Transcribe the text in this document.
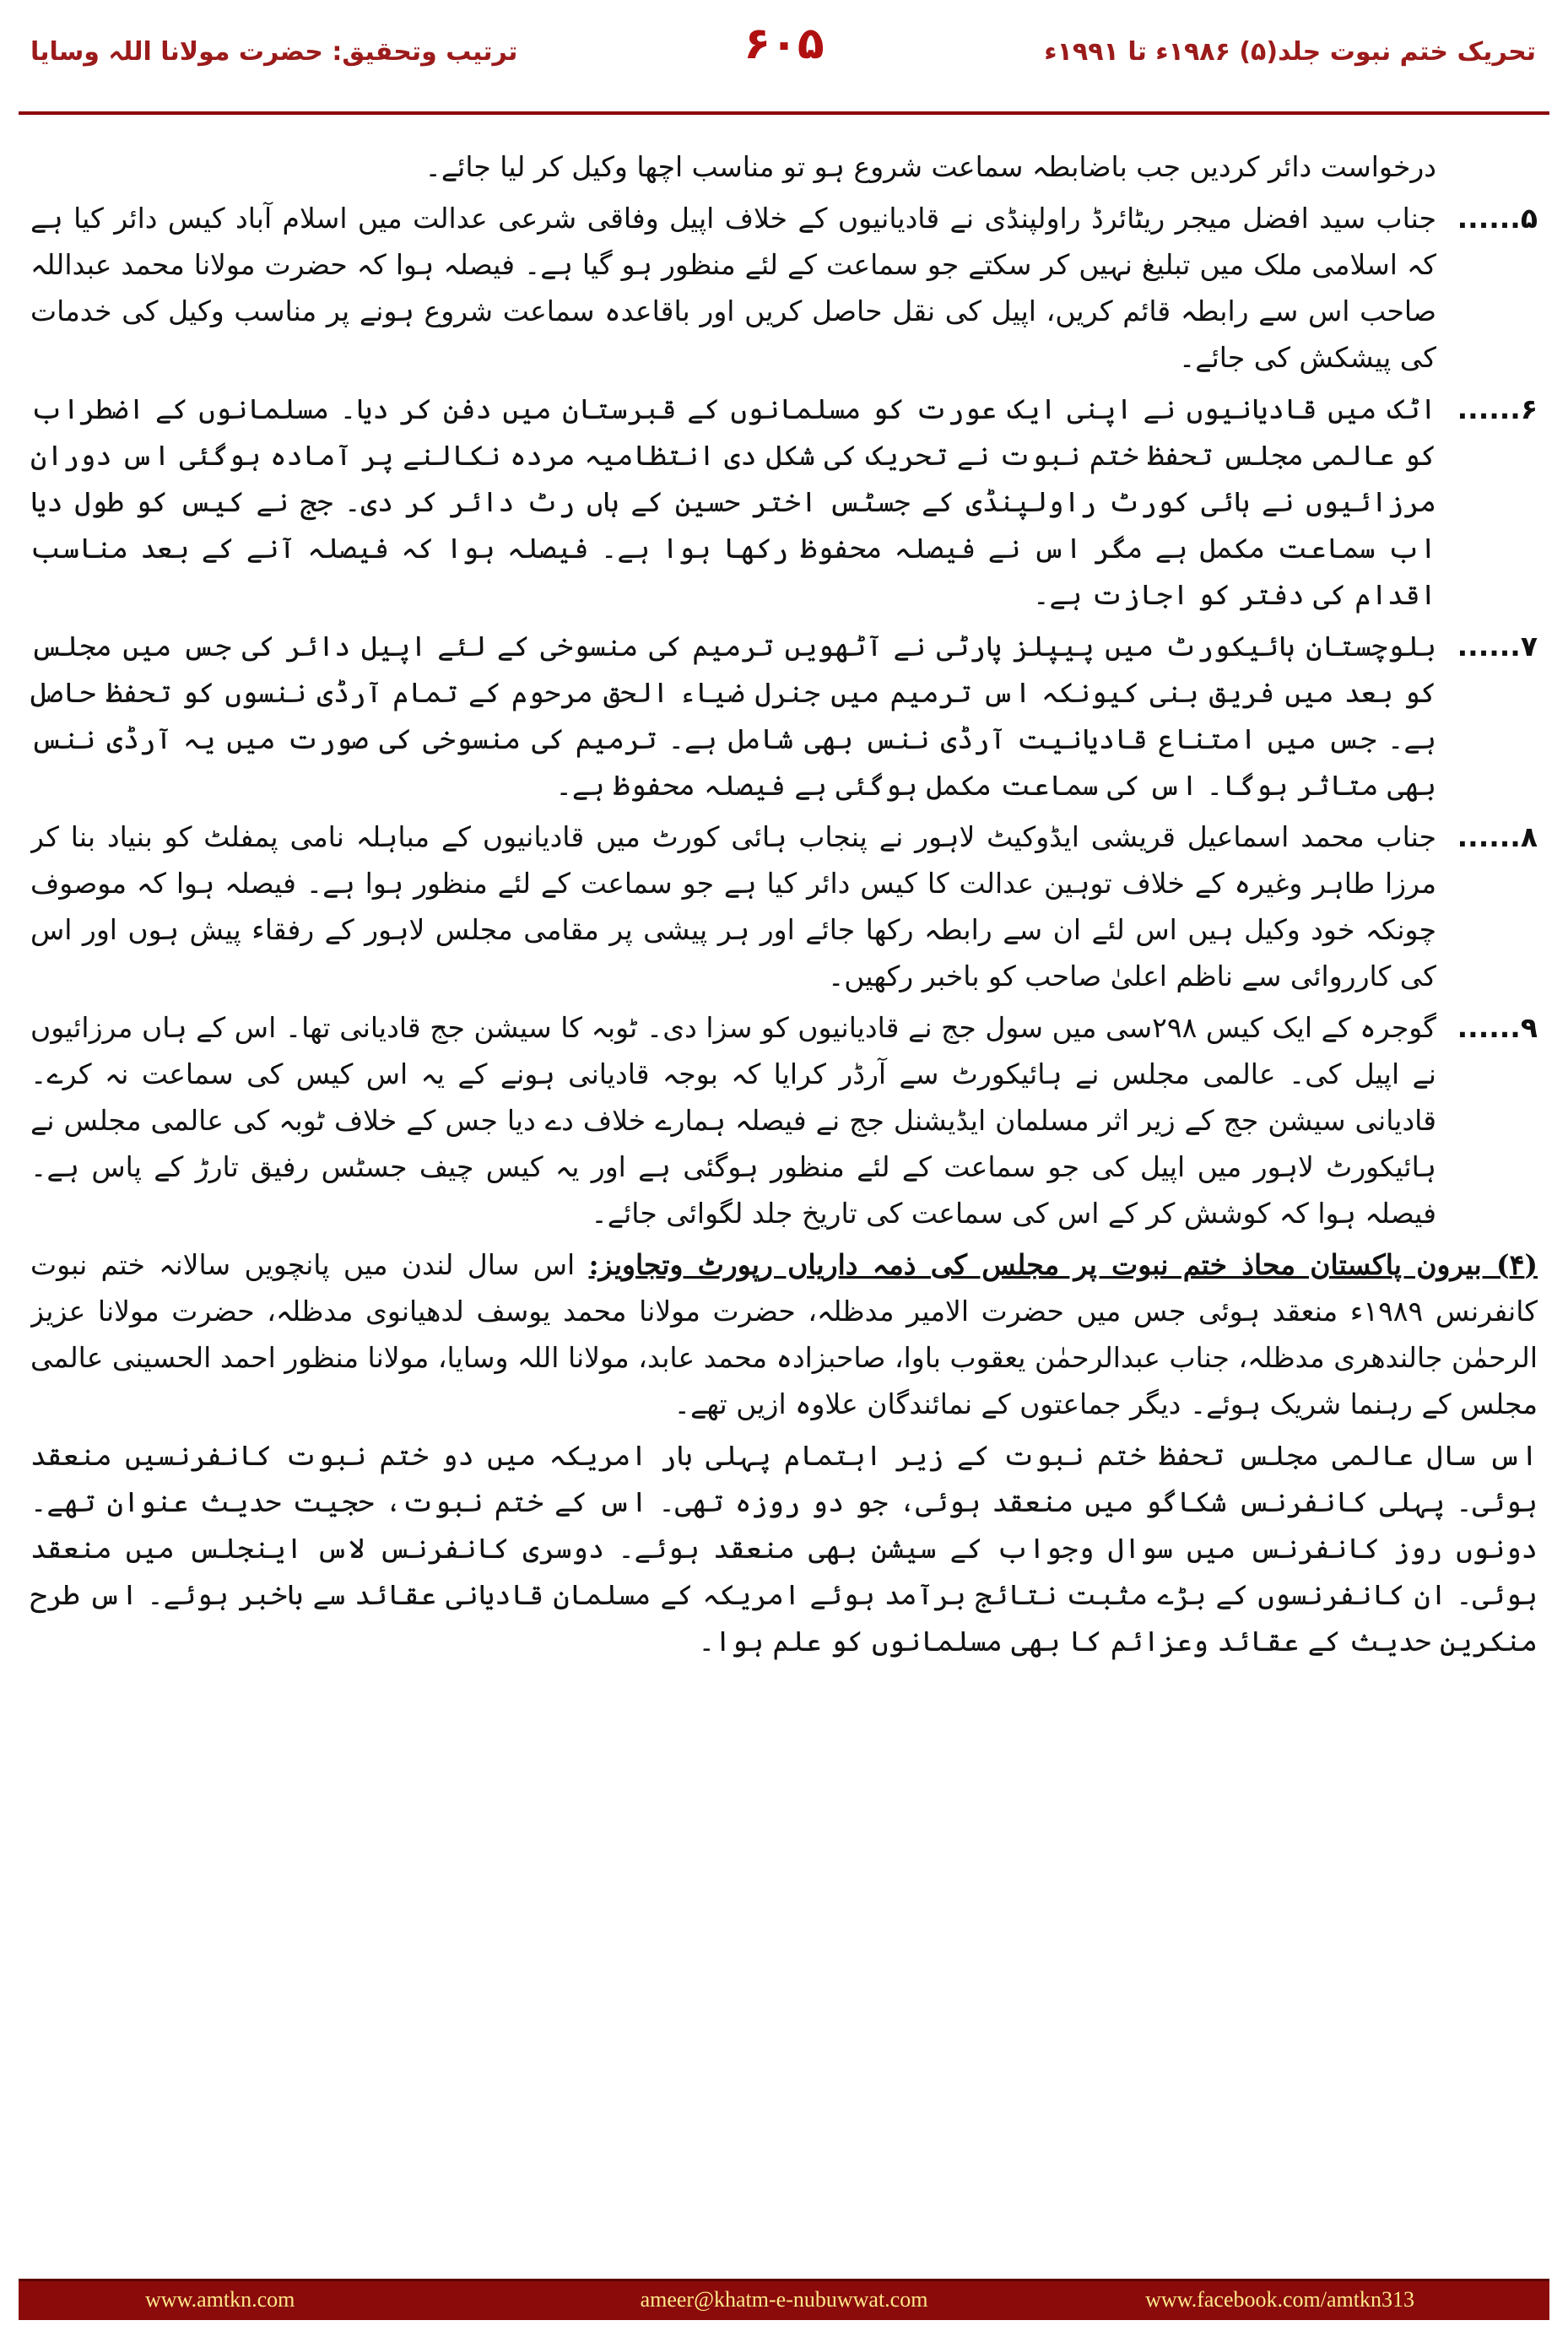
تحریک ختم نبوت جلد(۵) ۱۹۸۶ء تا ۱۹۹۱ء
۶۰۵
ترتیب وتحقیق: حضرت مولانا اللہ وسایا
درخواست دائر کردیں جب باضابطہ سماعت شروع ہو تو مناسب اچھا وکیل کر لیا جائے۔
۵......
جناب سید افضل میجر ریٹائرڈ راولپنڈی نے قادیانیوں کے خلاف اپیل وفاقی شرعی عدالت میں اسلام آباد کیس دائر کیا ہے کہ اسلامی ملک میں تبلیغ نہیں کر سکتے جو سماعت کے لئے منظور ہو گیا ہے۔ فیصلہ ہوا کہ حضرت مولانا محمد عبداللہ صاحب اس سے رابطہ قائم کریں، اپیل کی نقل حاصل کریں اور باقاعدہ سماعت شروع ہونے پر مناسب وکیل کی خدمات کی پیشکش کی جائے۔
۶......
اٹک میں قادیانیوں نے اپنی ایک عورت کو مسلمانوں کے قبرستان میں دفن کر دیا۔ مسلمانوں کے اضطراب کو عالمی مجلس تحفظ ختم نبوت نے تحریک کی شکل دی انتظامیہ مردہ نکالنے پر آمادہ ہوگئی اس دوران مرزائیوں نے ہائی کورٹ راولپنڈی کے جسٹس اختر حسین کے ہاں رٹ دائر کر دی۔ جج نے کیس کو طول دیا اب سماعت مکمل ہے مگر اس نے فیصلہ محفوظ رکھا ہوا ہے۔ فیصلہ ہوا کہ فیصلہ آنے کے بعد مناسب اقدام کی دفتر کو اجازت ہے۔
۷......
بلوچستان ہائیکورٹ میں پیپلز پارٹی نے آٹھویں ترمیم کی منسوخی کے لئے اپیل دائر کی جس میں مجلس کو بعد میں فریق بنی کیونکہ اس ترمیم میں جنرل ضیاء الحق مرحوم کے تمام آرڈی ننسوں کو تحفظ حاصل ہے۔ جس میں امتناع قادیانیت آرڈی ننس بھی شامل ہے۔ ترمیم کی منسوخی کی صورت میں یہ آرڈی ننس بھی متاثر ہوگا۔ اس کی سماعت مکمل ہوگئی ہے فیصلہ محفوظ ہے۔
۸......
جناب محمد اسماعیل قریشی ایڈوکیٹ لاہور نے پنجاب ہائی کورٹ میں قادیانیوں کے مباہلہ نامی پمفلٹ کو بنیاد بنا کر مرزا طاہر وغیرہ کے خلاف توہین عدالت کا کیس دائر کیا ہے جو سماعت کے لئے منظور ہوا ہے۔ فیصلہ ہوا کہ موصوف چونکہ خود وکیل ہیں اس لئے ان سے رابطہ رکھا جائے اور ہر پیشی پر مقامی مجلس لاہور کے رفقاء پیش ہوں اور اس کی کارروائی سے ناظم اعلیٰ صاحب کو باخبر رکھیں۔
۹......
گوجرہ کے ایک کیس ۲۹۸سی میں سول جج نے قادیانیوں کو سزا دی۔ ٹوبہ کا سیشن جج قادیانی تھا۔ اس کے ہاں مرزائیوں نے اپیل کی۔ عالمی مجلس نے ہائیکورٹ سے آرڈر کرایا کہ بوجہ قادیانی ہونے کے یہ اس کیس کی سماعت نہ کرے۔ قادیانی سیشن جج کے زیر اثر مسلمان ایڈیشنل جج نے فیصلہ ہمارے خلاف دے دیا جس کے خلاف ٹوبہ کی عالمی مجلس نے ہائیکورٹ لاہور میں اپیل کی جو سماعت کے لئے منظور ہوگئی ہے اور یہ کیس چیف جسٹس رفیق تارڑ کے پاس ہے۔ فیصلہ ہوا کہ کوشش کر کے اس کی سماعت کی تاریخ جلد لگوائی جائے۔
(۴) بیرون پاکستان محاذ ختم نبوت پر مجلس کی ذمہ داریاں رپورٹ وتجاویز: اس سال لندن میں پانچویں سالانہ ختم نبوت کانفرنس ۱۹۸۹ء منعقد ہوئی جس میں حضرت الامیر مدظلہ، حضرت مولانا محمد یوسف لدھیانوی مدظلہ، حضرت مولانا عزیز الرحمٰن جالندھری مدظلہ، جناب عبدالرحمٰن یعقوب باوا، صاحبزادہ محمد عابد، مولانا اللہ وسایا، مولانا منظور احمد الحسینی عالمی مجلس کے رہنما شریک ہوئے۔ دیگر جماعتوں کے نمائندگان علاوہ ازیں تھے۔
اس سال عالمی مجلس تحفظ ختم نبوت کے زیر اہتمام پہلی بار امریکہ میں دو ختم نبوت کانفرنسیں منعقد ہوئی۔ پہلی کانفرنس شکاگو میں منعقد ہوئی، جو دو روزہ تھی۔ اس کے ختم نبوت، حجیت حدیث عنوان تھے۔ دونوں روز کانفرنس میں سوال وجواب کے سیشن بھی منعقد ہوئے۔ دوسری کانفرنس لاس اینجلس میں منعقد ہوئی۔ ان کانفرنسوں کے بڑے مثبت نتائج برآمد ہوئے امریکہ کے مسلمان قادیانی عقائد سے باخبر ہوئے۔ اس طرح منکرین حدیث کے عقائد وعزائم کا بھی مسلمانوں کو علم ہوا۔
ameer@khatm-e-nubuwwat.com
www.amtkn.com	www.facebook.com/amtkn313
